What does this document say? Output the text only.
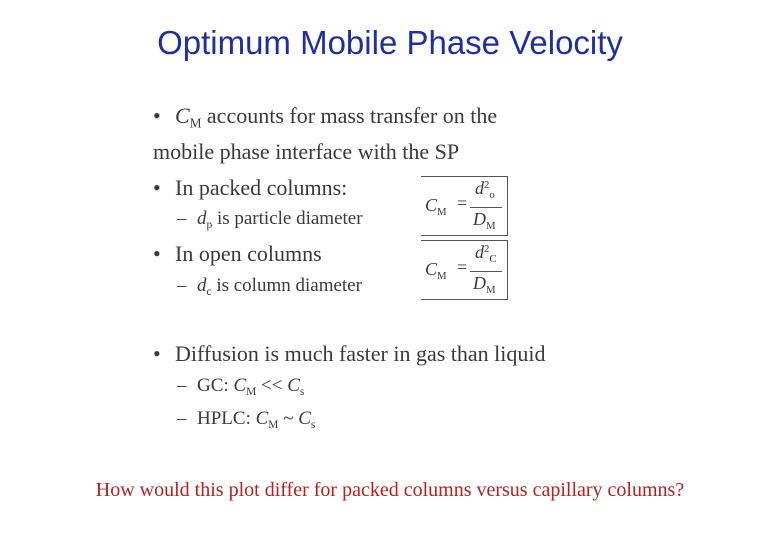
Optimum Mobile Phase Velocity
• $C_M$ accounts for mass transfer on the
mobile phase interface with the SP
• In packed columns:
– $d_p$ is particle diameter
• In open columns
– $d_c$ is column diameter
$C_M$ =
$d^2_o$
$D_M$
$C_M$ =
$d^2_C$
$D_M$
• Diffusion is much faster in gas than liquid
– GC: $C_M << C_s$
– HPLC: $C_M$ ~ $C_s$
How would this plot differ for packed columns versus capillary columns?
